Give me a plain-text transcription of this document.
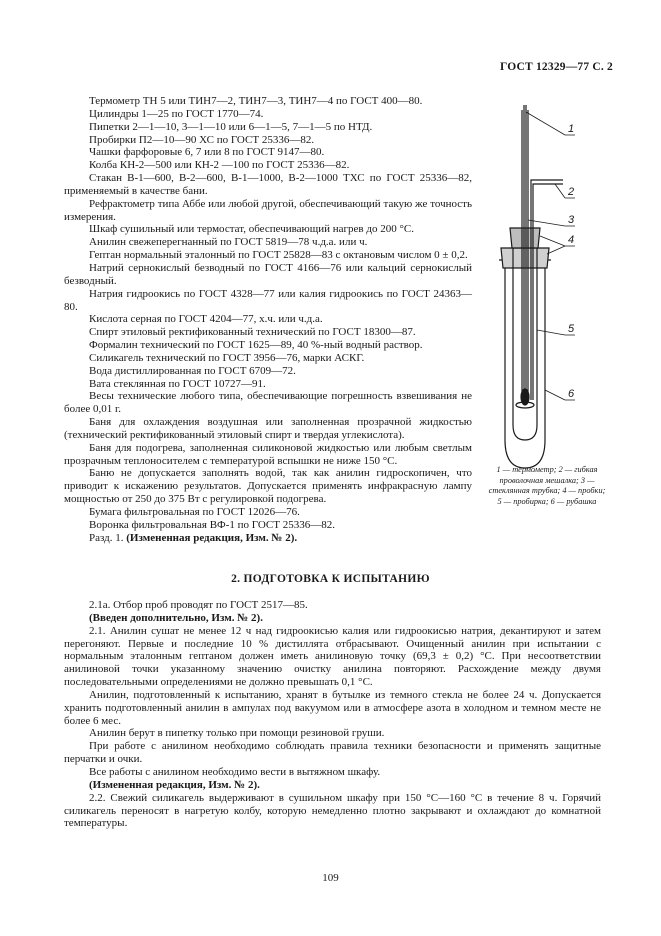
ГОСТ 12329—77 С. 2

Термометр ТН 5 или ТИН7—2, ТИН7—3, ТИН7—4 по ГОСТ 400—80.

Цилиндры 1—25 по ГОСТ 1770—74.

Пипетки 2—1—10, 3—1—10 или 6—1—5, 7—1—5 по НТД.

Пробирки П2—10—90 ХС по ГОСТ 25336—82.

Чашки фарфоровые 6, 7 или 8 по ГОСТ 9147—80.

Колба КН-2—500 или КН-2 —100 по ГОСТ 25336—82.

Стакан В-1—600, В-2—600, В-1—1000, В-2—1000 ТХС по ГОСТ 25336—82, применяемый в качестве бани.

Рефрактометр типа Аббе или любой другой, обеспечивающий такую же точность измерения.

Шкаф сушильный или термостат, обеспечивающий нагрев до 200 °С.

Анилин свежеперегнанный по ГОСТ 5819—78 ч.д.а. или ч.

Гептан нормальный эталонный по ГОСТ 25828—83 с октановым числом 0 ± 0,2.

Натрий сернокислый безводный по ГОСТ 4166—76 или кальций сернокислый безводный.

Натрия гидроокись по ГОСТ 4328—77 или калия гидроокись по ГОСТ 24363—80.

Кислота серная по ГОСТ 4204—77, х.ч. или ч.д.а.

Спирт этиловый ректификованный технический по ГОСТ 18300—87.

Формалин технический по ГОСТ 1625—89, 40 %-ный водный раствор.

Силикагель технический по ГОСТ 3956—76, марки АСКГ.

Вода дистиллированная по ГОСТ 6709—72.

Вата стеклянная по ГОСТ 10727—91.

Весы технические любого типа, обеспечивающие погрешность взвешивания не более 0,01 г.

Баня для охлаждения воздушная или заполненная прозрачной жидкостью (технический ректификованный этиловый спирт и твердая углекислота).

Баня для подогрева, заполненная силиконовой жидкостью или любым светлым прозрачным теплоносителем с температурой вспышки не ниже 150 °С.

Баню не допускается заполнять водой, так как анилин гидроскопичен, что приводит к искажению результатов. Допускается применять инфракрасную лампу мощностью от 250 до 375 Вт с регулировкой подогрева.

Бумага фильтровальная по ГОСТ 12026—76.

Воронка фильтровальная ВФ-1 по ГОСТ 25336—82.

Разд. 1. (Измененная редакция, Изм. № 2).

1
2
3
4
5
6
1 — термометр; 2 — гибкая проволочная мешалка; 3 — стеклянная трубка; 4 — пробки; 5 — пробирка; 6 — рубашка
2. ПОДГОТОВКА К ИСПЫТАНИЮ

2.1а. Отбор проб проводят по ГОСТ 2517—85.

(Введен дополнительно, Изм. № 2).

2.1. Анилин сушат не менее 12 ч над гидроокисью калия или гидроокисью натрия, декантируют и затем перегоняют. Первые и последние 10 % дистиллята отбрасывают. Очищенный анилин при испытании с нормальным эталонным гептаном должен иметь анилиновую точку (69,3 ± 0,2) °С. При несоответствии анилиновой точки указанному значению очистку анилина повторяют. Расхождение между двумя последовательными определениями не должно превышать 0,1 °С.

Анилин, подготовленный к испытанию, хранят в бутылке из темного стекла не более 24 ч. Допускается хранить подготовленный анилин в ампулах под вакуумом или в атмосфере азота в холодном и темном месте не более 6 мес.

Анилин берут в пипетку только при помощи резиновой груши.

При работе с анилином необходимо соблюдать правила техники безопасности и применять защитные перчатки и очки.

Все работы с анилином необходимо вести в вытяжном шкафу.

(Измененная редакция, Изм. № 2).

2.2. Свежий силикагель выдерживают в сушильном шкафу при 150 °С—160 °С в течение 8 ч. Горячий силикагель переносят в нагретую колбу, которую немедленно плотно закрывают и охлаждают до комнатной температуры.

109
